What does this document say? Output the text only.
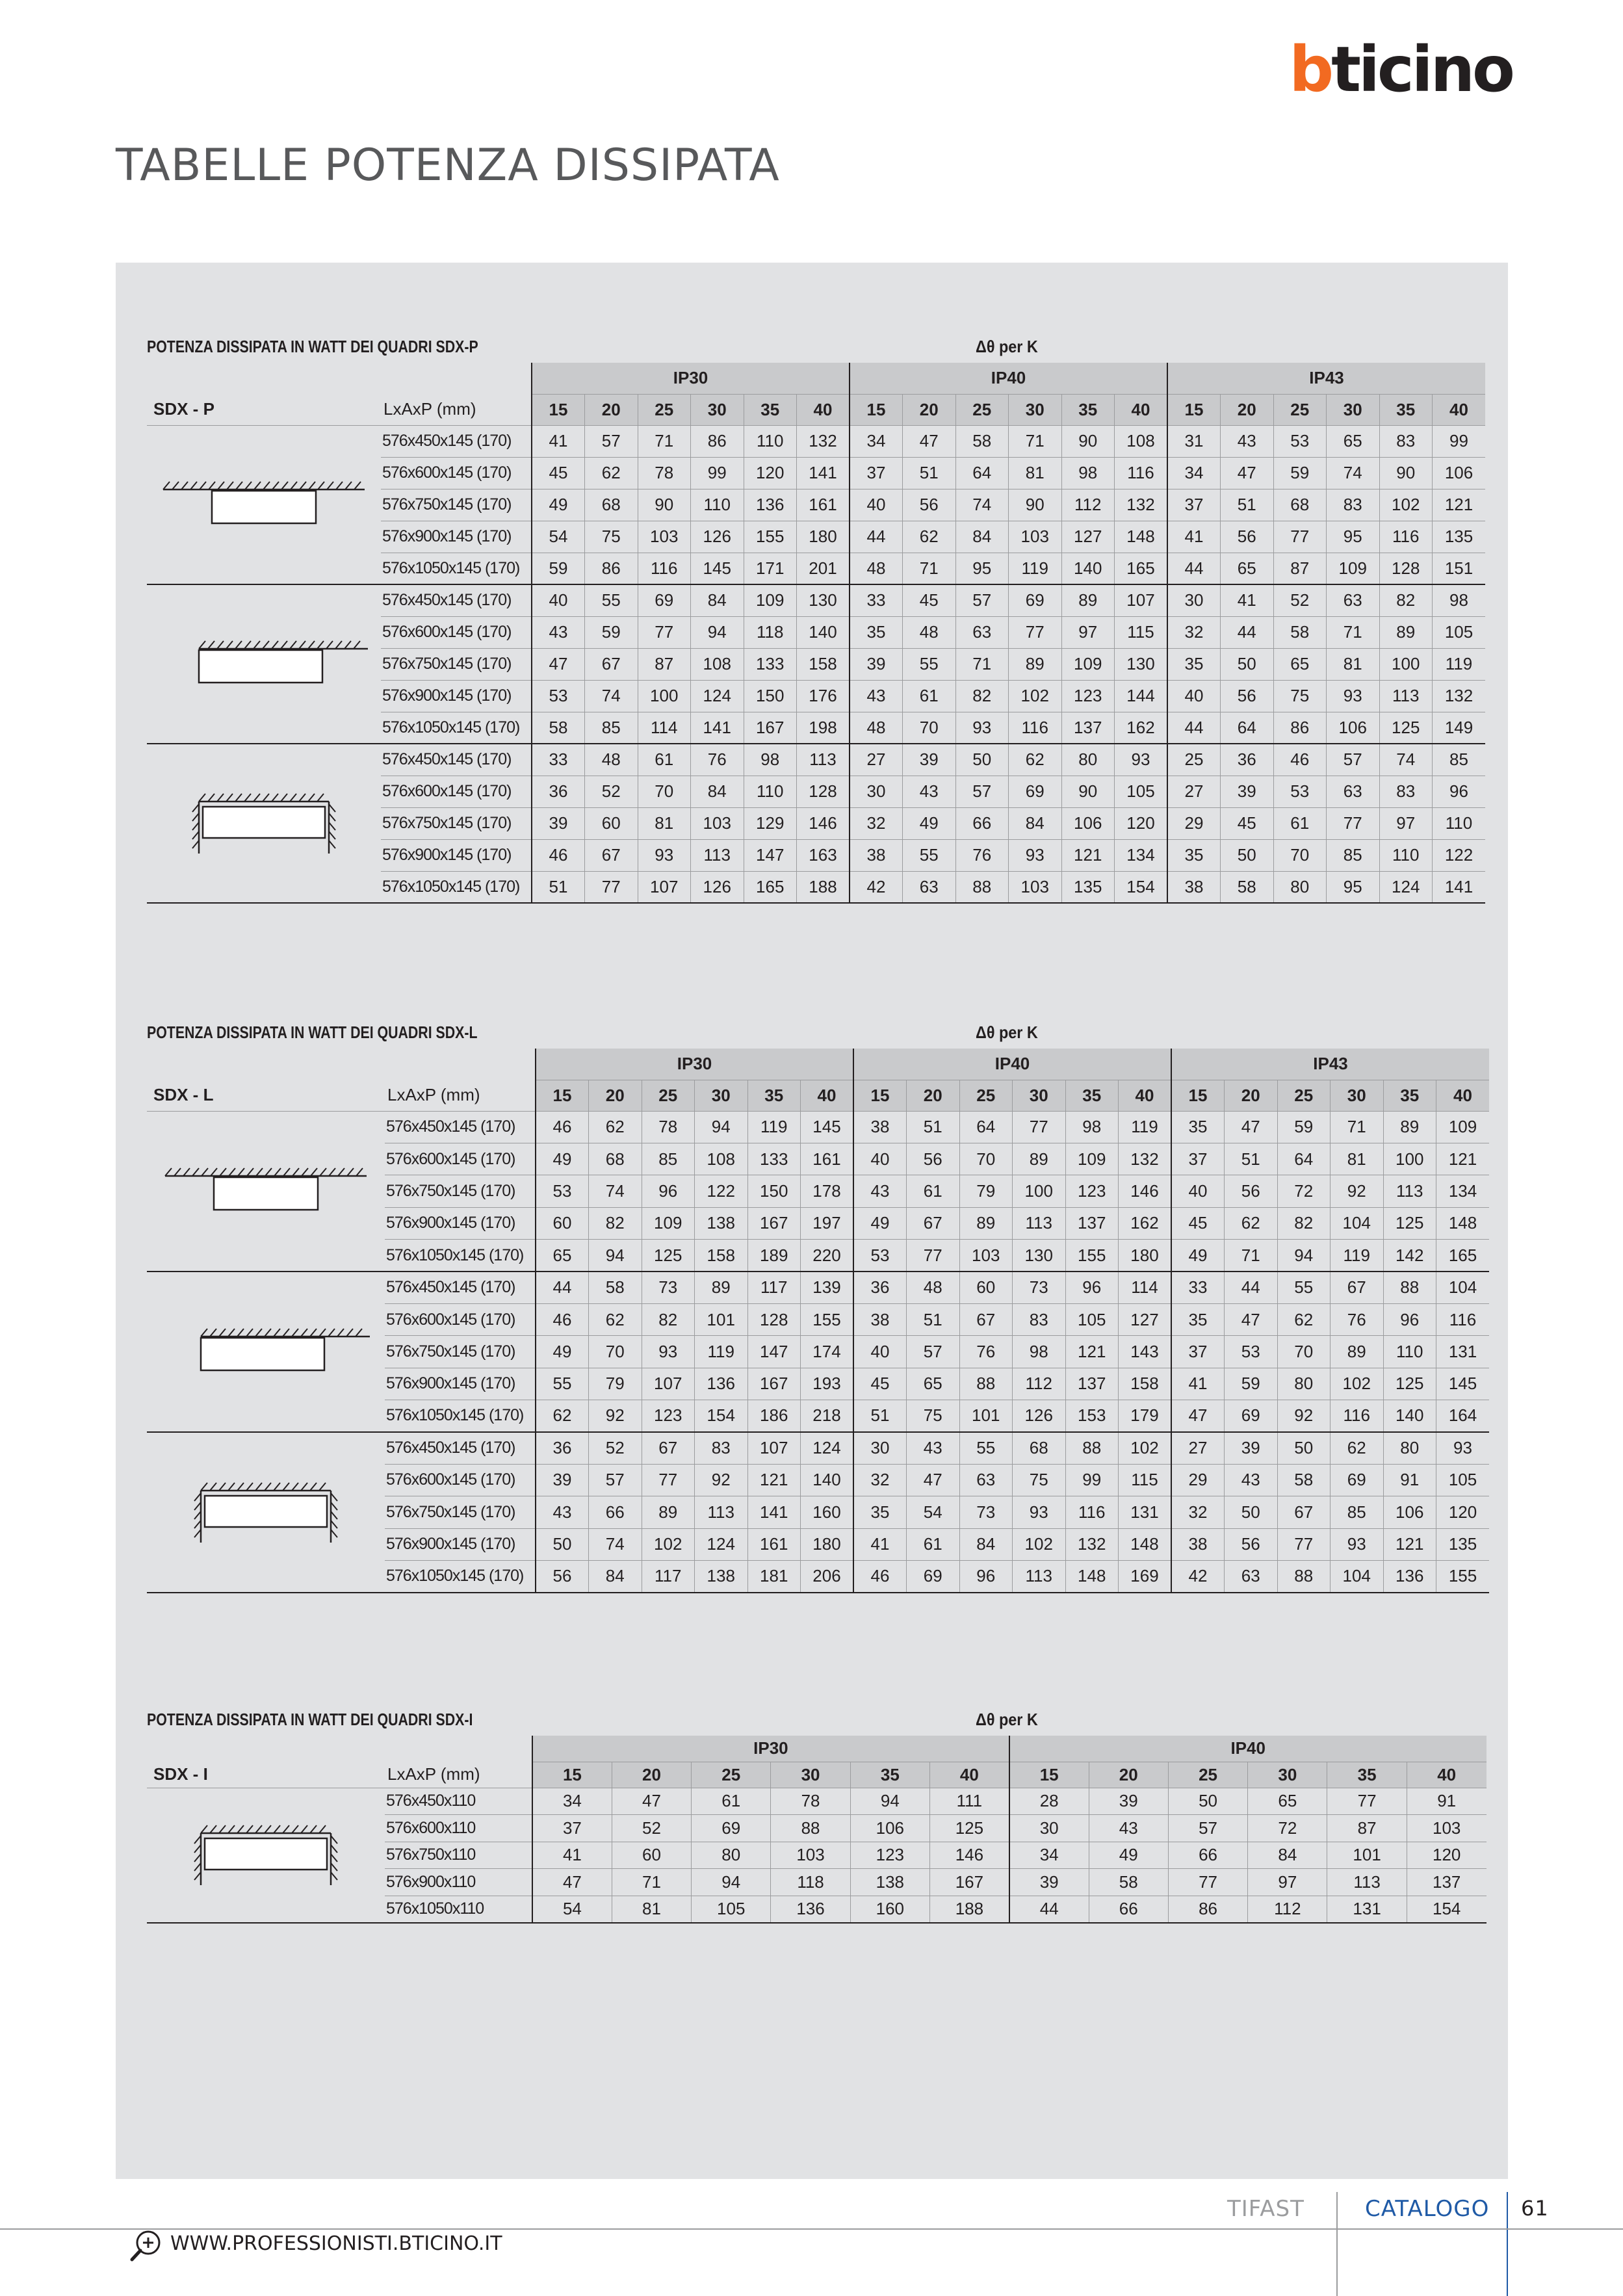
bticino
TABELLE POTENZA DISSIPATA
POTENZA DISSIPATA IN WATT DEI QUADRI SDX-P	Δθ per K
		IP30						IP40						IP43					
SDX - P	LxAxP (mm)	15	20	25	30	35	40	15	20	25	30	35	40	15	20	25	30	35	40
	576x450x145 (170)	41	57	71	86	110	132	34	47	58	71	90	108	31	43	53	65	83	99
	576x600x145 (170)	45	62	78	99	120	141	37	51	64	81	98	116	34	47	59	74	90	106
	576x750x145 (170)	49	68	90	110	136	161	40	56	74	90	112	132	37	51	68	83	102	121
	576x900x145 (170)	54	75	103	126	155	180	44	62	84	103	127	148	41	56	77	95	116	135
	576x1050x145 (170)	59	86	116	145	171	201	48	71	95	119	140	165	44	65	87	109	128	151
	576x450x145 (170)	40	55	69	84	109	130	33	45	57	69	89	107	30	41	52	63	82	98
	576x600x145 (170)	43	59	77	94	118	140	35	48	63	77	97	115	32	44	58	71	89	105
	576x750x145 (170)	47	67	87	108	133	158	39	55	71	89	109	130	35	50	65	81	100	119
	576x900x145 (170)	53	74	100	124	150	176	43	61	82	102	123	144	40	56	75	93	113	132
	576x1050x145 (170)	58	85	114	141	167	198	48	70	93	116	137	162	44	64	86	106	125	149
	576x450x145 (170)	33	48	61	76	98	113	27	39	50	62	80	93	25	36	46	57	74	85
	576x600x145 (170)	36	52	70	84	110	128	30	43	57	69	90	105	27	39	53	63	83	96
	576x750x145 (170)	39	60	81	103	129	146	32	49	66	84	106	120	29	45	61	77	97	110
	576x900x145 (170)	46	67	93	113	147	163	38	55	76	93	121	134	35	50	70	85	110	122
	576x1050x145 (170)	51	77	107	126	165	188	42	63	88	103	135	154	38	58	80	95	124	141
POTENZA DISSIPATA IN WATT DEI QUADRI SDX-L	Δθ per K
		IP30						IP40						IP43					
SDX - L	LxAxP (mm)	15	20	25	30	35	40	15	20	25	30	35	40	15	20	25	30	35	40
	576x450x145 (170)	46	62	78	94	119	145	38	51	64	77	98	119	35	47	59	71	89	109
	576x600x145 (170)	49	68	85	108	133	161	40	56	70	89	109	132	37	51	64	81	100	121
	576x750x145 (170)	53	74	96	122	150	178	43	61	79	100	123	146	40	56	72	92	113	134
	576x900x145 (170)	60	82	109	138	167	197	49	67	89	113	137	162	45	62	82	104	125	148
	576x1050x145 (170)	65	94	125	158	189	220	53	77	103	130	155	180	49	71	94	119	142	165
	576x450x145 (170)	44	58	73	89	117	139	36	48	60	73	96	114	33	44	55	67	88	104
	576x600x145 (170)	46	62	82	101	128	155	38	51	67	83	105	127	35	47	62	76	96	116
	576x750x145 (170)	49	70	93	119	147	174	40	57	76	98	121	143	37	53	70	89	110	131
	576x900x145 (170)	55	79	107	136	167	193	45	65	88	112	137	158	41	59	80	102	125	145
	576x1050x145 (170)	62	92	123	154	186	218	51	75	101	126	153	179	47	69	92	116	140	164
	576x450x145 (170)	36	52	67	83	107	124	30	43	55	68	88	102	27	39	50	62	80	93
	576x600x145 (170)	39	57	77	92	121	140	32	47	63	75	99	115	29	43	58	69	91	105
	576x750x145 (170)	43	66	89	113	141	160	35	54	73	93	116	131	32	50	67	85	106	120
	576x900x145 (170)	50	74	102	124	161	180	41	61	84	102	132	148	38	56	77	93	121	135
	576x1050x145 (170)	56	84	117	138	181	206	46	69	96	113	148	169	42	63	88	104	136	155
POTENZA DISSIPATA IN WATT DEI QUADRI SDX-I	Δθ per K
		IP30						IP40					
SDX - I	LxAxP (mm)	15	20	25	30	35	40	15	20	25	30	35	40
	576x450x110	34	47	61	78	94	111	28	39	50	65	77	91
	576x600x110	37	52	69	88	106	125	30	43	57	72	87	103
	576x750x110	41	60	80	103	123	146	34	49	66	84	101	120
	576x900x110	47	71	94	118	138	167	39	58	77	97	113	137
	576x1050x110	54	81	105	136	160	188	44	66	86	112	131	154
TIFAST	CATALOGO 61
WWW.PROFESSIONISTI.BTICINO.IT
